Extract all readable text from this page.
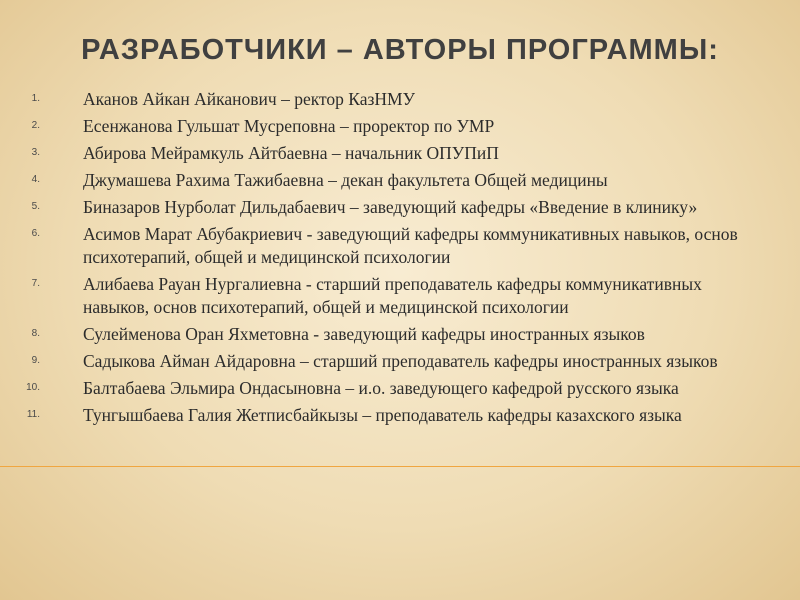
РАЗРАБОТЧИКИ – АВТОРЫ ПРОГРАММЫ:
1. Аканов Айкан Айканович – ректор КазНМУ
2. Есенжанова Гульшат Мусреповна – проректор по УМР
3. Абирова Мейрамкуль Айтбаевна – начальник ОПУПиП
4. Джумашева Рахима Тажибаевна – декан факультета Общей медицины
5. Биназаров Нурболат Дильдабаевич – заведующий кафедры «Введение в клинику»
6. Асимов Марат Абубакриевич - заведующий кафедры коммуникативных навыков, основ психотерапий, общей и медицинской психологии
7. Алибаева Рауан Нургалиевна - старший преподаватель кафедры коммуникативных навыков, основ психотерапий, общей и медицинской психологии
8. Сулейменова Оран Яхметовна - заведующий кафедры иностранных языков
9. Садыкова Айман Айдаровна – старший преподаватель кафедры иностранных языков
10. Балтабаева Эльмира Ондасыновна – и.о. заведующего кафедрой русского языка
11. Тунгышбаева Галия Жетписбайкызы – преподаватель кафедры казахского языка
